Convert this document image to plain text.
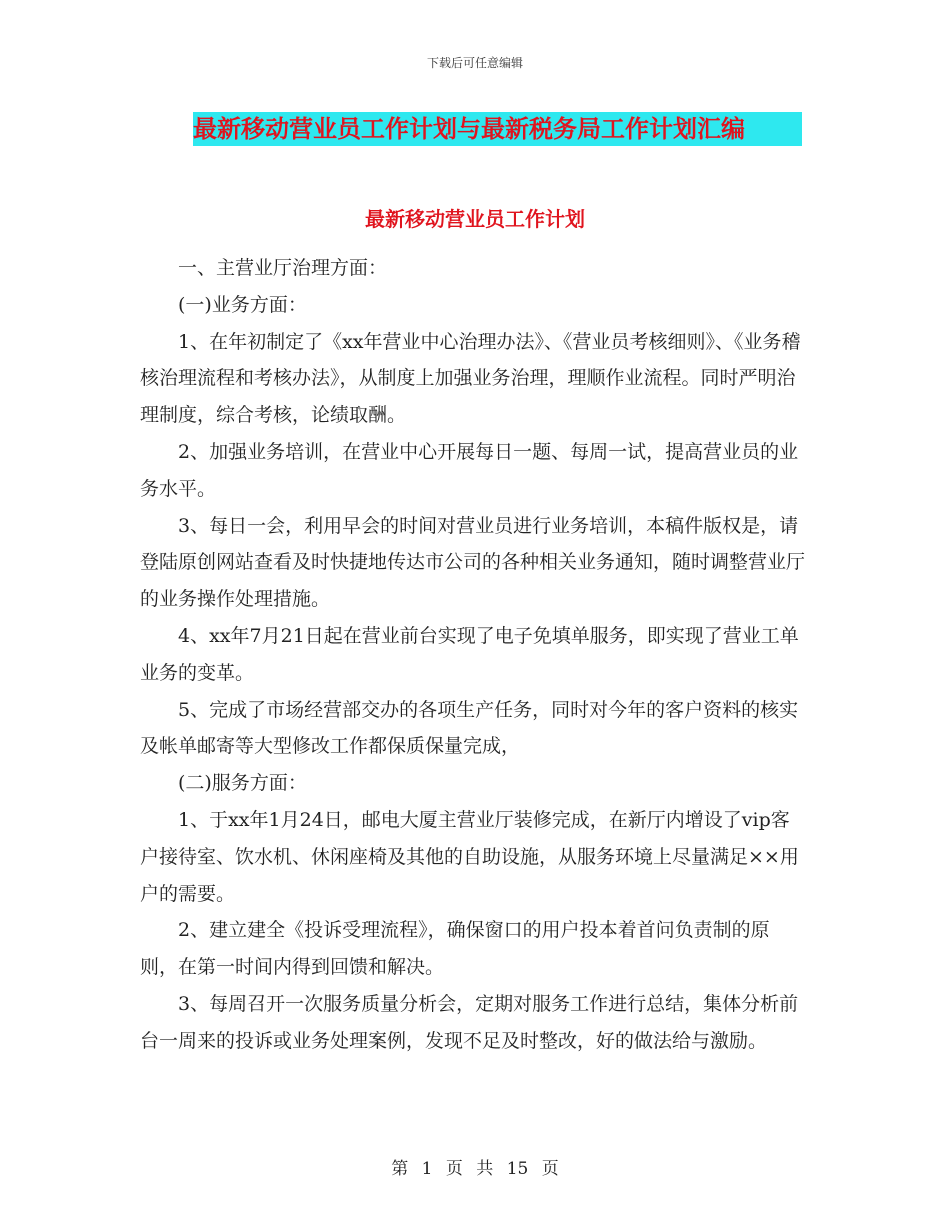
下载后可任意编辑
最新移动营业员工作计划与最新税务局工作计划汇编
最新移动营业员工作计划

一、主营业厅治理方面：

(一)业务方面：

1、在年初制定了《xx年营业中心治理办法》、《营业员考核细则》、《业务稽核治理流程和考核办法》，从制度上加强业务治理，理顺作业流程。同时严明治理制度，综合考核，论绩取酬。

2、加强业务培训，在营业中心开展每日一题、每周一试，提高营业员的业务水平。

3、每日一会，利用早会的时间对营业员进行业务培训，本稿件版权是，请登陆原创网站查看及时快捷地传达市公司的各种相关业务通知，随时调整营业厅的业务操作处理措施。

4、xx年7月21日起在营业前台实现了电子免填单服务，即实现了营业工单业务的变革。

5、完成了市场经营部交办的各项生产任务，同时对今年的客户资料的核实及帐单邮寄等大型修改工作都保质保量完成，

(二)服务方面：

1、于xx年1月24日，邮电大厦主营业厅装修完成，在新厅内增设了vip客户接待室、饮水机、休闲座椅及其他的自助设施，从服务环境上尽量满足××用户的需要。

2、建立建全《投诉受理流程》，确保窗口的用户投本着首问负责制的原则，在第一时间内得到回馈和解决。

3、每周召开一次服务质量分析会，定期对服务工作进行总结，集体分析前台一周来的投诉或业务处理案例，发现不足及时整改，好的做法给与激励。

第 1 页 共 15 页
